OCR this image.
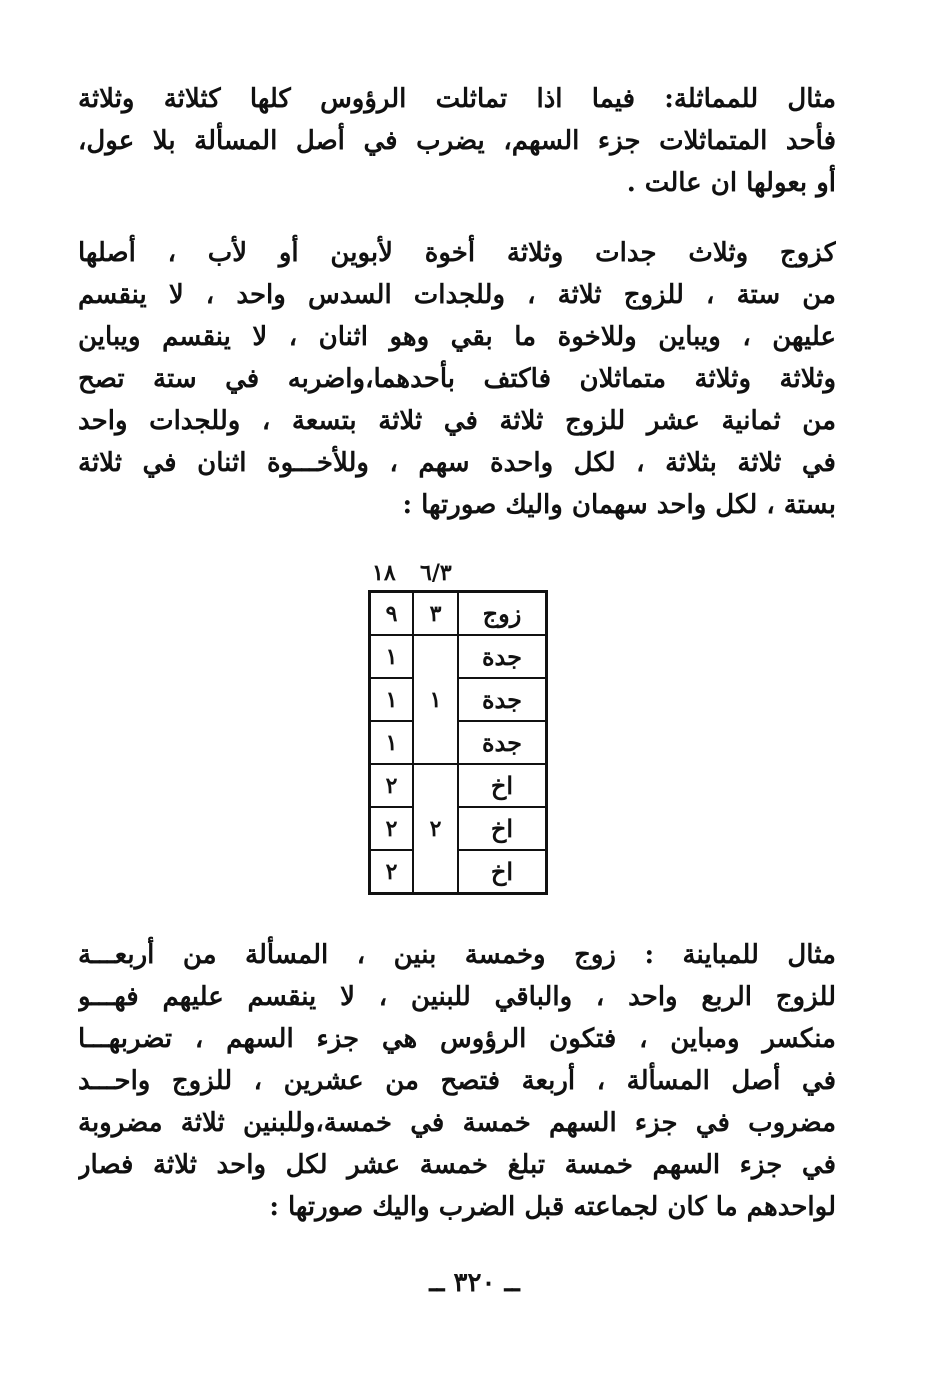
مثال للمماثلة: فيما اذا تماثلت الرؤوس كلها كثلاثة وثلاثة
فأحد المتماثلات جزء السهم، يضرب في أصل المسألة بلا عول،
أو بعولها ان عالت .
كزوج وثلاث جدات وثلاثة أخوة لأبوين أو لأب ، أصلها
من ستة ، للزوج ثلاثة ، وللجدات السدس واحد ، لا ينقسم
عليهن ، ويباين وللاخوة ما بقي وهو اثنان ، لا ينقسم ويباين
وثلاثة وثلاثة متماثلان فاكتف بأحدهما،واضربه في ستة تصح
من ثمانية عشر للزوج ثلاثة في ثلاثة بتسعة ، وللجدات واحد
في ثلاثة بثلاثة ، لكل واحدة سهم ، وللأخـــوة اثنان في ثلاثة
بستة ، لكل واحد سهمان واليك صورتها :
٦/٣
١٨
زوج	٣	٩
جدة	١	١
جدة		١
جدة		١
اخ	٢	٢
اخ		٢
اخ		٢
مثال للمباينة : زوج وخمسة بنين ، المسألة من أربعـــة
للزوج الربع واحد ، والباقي للبنين ، لا ينقسم عليهم فهـــو
منكسر ومباين ، فتكون الرؤوس هي جزء السهم ، تضربهـــا
في أصل المسألة ، أربعة فتصح من عشرين ، للزوج واحـــد
مضروب في جزء السهم خمسة في خمسة،وللبنين ثلاثة مضروبة
في جزء السهم خمسة تبلغ خمسة عشر لكل واحد ثلاثة فصار
لواحدهم ما كان لجماعته قبل الضرب واليك صورتها :
ــ ٣٢٠ ــ
